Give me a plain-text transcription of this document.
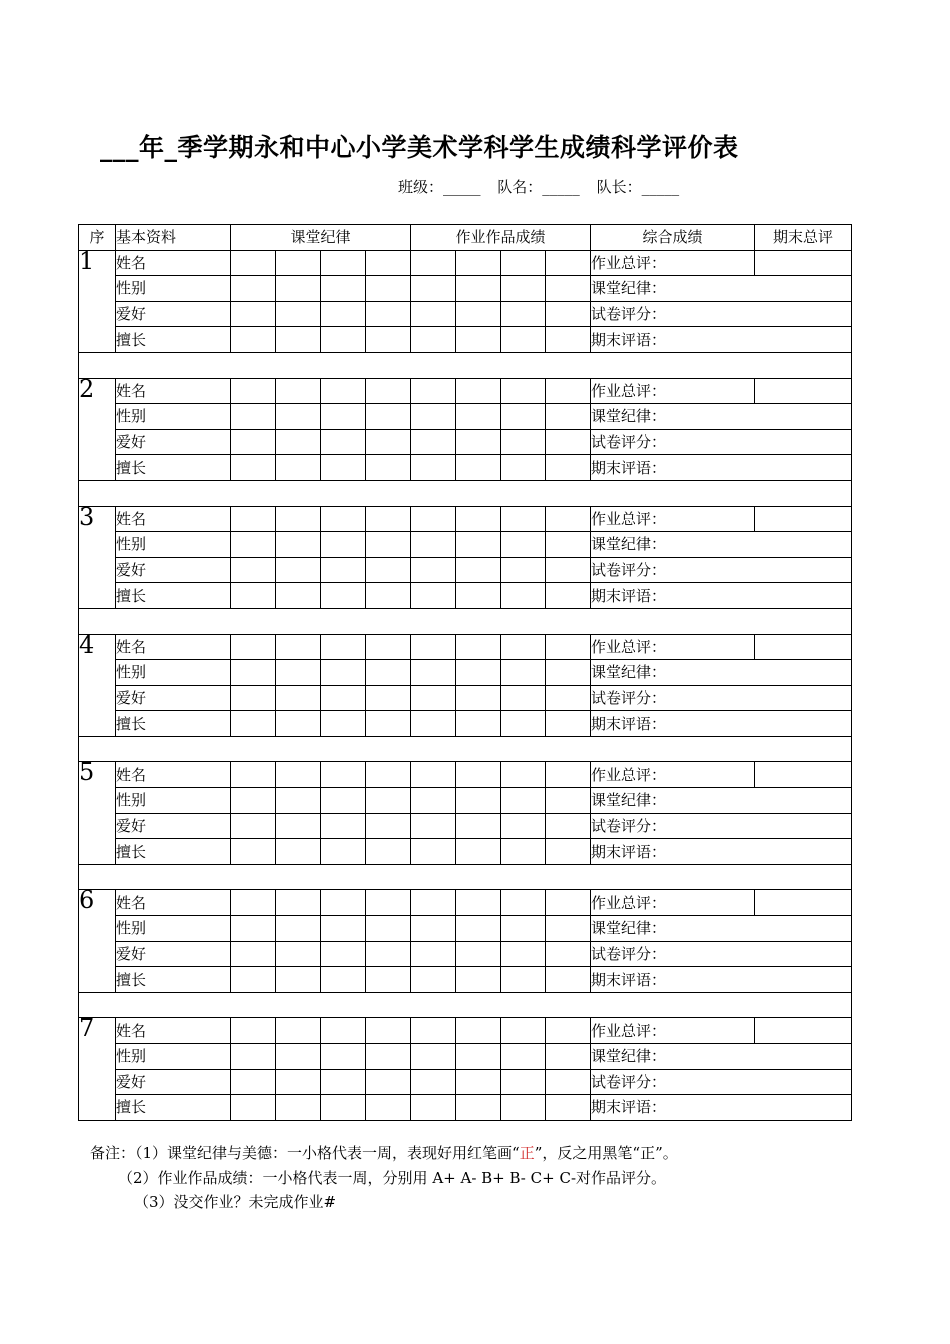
___年_季学期永和中心小学美术学科学生成绩科学评价表
班级：_____ 队名：_____ 队长：_____
序	基本资料	课堂纪律				作业作品成绩				综合成绩	期末总评
1	姓名									作业总评：	
	性别									课堂纪律：	
	爱好									试卷评分：	
	擅长									期末评语：	

2	姓名									作业总评：	
	性别									课堂纪律：	
	爱好									试卷评分：	
	擅长									期末评语：	

3	姓名									作业总评：	
	性别									课堂纪律：	
	爱好									试卷评分：	
	擅长									期末评语：	

4	姓名									作业总评：	
	性别									课堂纪律：	
	爱好									试卷评分：	
	擅长									期末评语：	

5	姓名									作业总评：	
	性别									课堂纪律：	
	爱好									试卷评分：	
	擅长									期末评语：	

6	姓名									作业总评：	
	性别									课堂纪律：	
	爱好									试卷评分：	
	擅长									期末评语：	

7	姓名									作业总评：	
	性别									课堂纪律：	
	爱好									试卷评分：	
	擅长									期末评语：	
备注：（1）课堂纪律与美德：一小格代表一周，表现好用红笔画“正”，反之用黑笔“正”。
（2）作业作品成绩：一小格代表一周，分别用 A+ A- B+ B- C+ C-对作品评分。
（3）没交作业？未完成作业#
